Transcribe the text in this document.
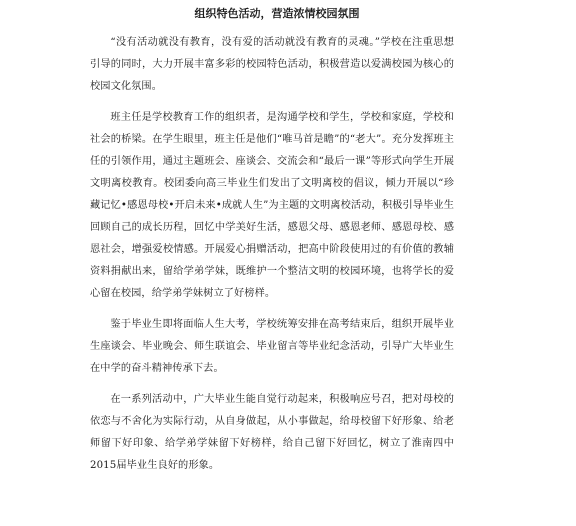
组织特色活动，营造浓情校园氛围

“没有活动就没有教育，没有爱的活动就没有教育的灵魂。”学校在注重思想引导的同时，大力开展丰富多彩的校园特色活动，积极营造以爱满校园为核心的校园文化氛围。

班主任是学校教育工作的组织者，是沟通学校和学生，学校和家庭，学校和社会的桥梁。在学生眼里，班主任是他们“唯马首是瞻”的“老大”。充分发挥班主任的引领作用，通过主题班会、座谈会、交流会和“最后一课”等形式向学生开展文明离校教育。校团委向高三毕业生们发出了文明离校的倡议，倾力开展以“珍藏记忆•感恩母校•开启未来•成就人生”为主题的文明离校活动，积极引导毕业生回顾自己的成长历程，回忆中学美好生活，感恩父母、感恩老师、感恩母校、感恩社会，增强爱校情感。开展爱心捐赠活动，把高中阶段使用过的有价值的教辅资料捐献出来，留给学弟学妹，既维护一个整洁文明的校园环境，也将学长的爱心留在校园，给学弟学妹树立了好榜样。

鉴于毕业生即将面临人生大考，学校统筹安排在高考结束后，组织开展毕业生座谈会、毕业晚会、师生联谊会、毕业留言等毕业纪念活动，引导广大毕业生在中学的奋斗精神传承下去。

在一系列活动中，广大毕业生能自觉行动起来，积极响应号召，把对母校的依恋与不舍化为实际行动，从自身做起，从小事做起，给母校留下好形象、给老师留下好印象、给学弟学妹留下好榜样，给自己留下好回忆，树立了淮南四中2015届毕业生良好的形象。
